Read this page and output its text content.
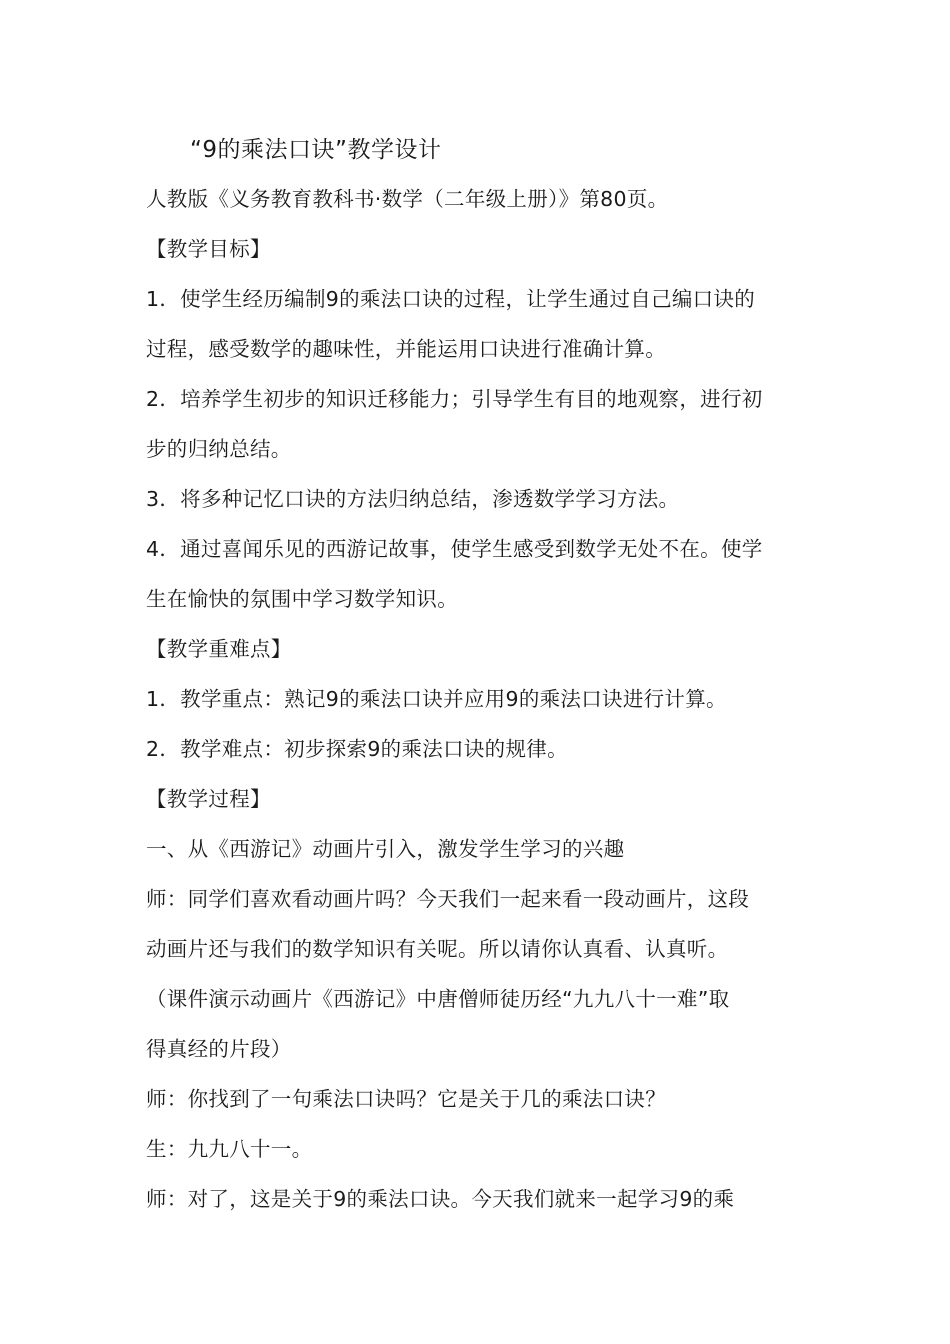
“9的乘法口诀”教学设计
人教版《义务教育教科书·数学（二年级上册）》第80页。
【教学目标】
1．使学生经历编制9的乘法口诀的过程，让学生通过自己编口诀的
过程，感受数学的趣味性，并能运用口诀进行准确计算。
2．培养学生初步的知识迁移能力；引导学生有目的地观察，进行初
步的归纳总结。
3．将多种记忆口诀的方法归纳总结，渗透数学学习方法。
4．通过喜闻乐见的西游记故事，使学生感受到数学无处不在。使学
生在愉快的氛围中学习数学知识。
【教学重难点】
1．教学重点：熟记9的乘法口诀并应用9的乘法口诀进行计算。
2．教学难点：初步探索9的乘法口诀的规律。
【教学过程】
一、从《西游记》动画片引入，激发学生学习的兴趣
师：同学们喜欢看动画片吗？今天我们一起来看一段动画片，这段
动画片还与我们的数学知识有关呢。所以请你认真看、认真听。
（课件演示动画片《西游记》中唐僧师徒历经“九九八十一难”取
得真经的片段）
师：你找到了一句乘法口诀吗？它是关于几的乘法口诀？
生：九九八十一。
师：对了，这是关于9的乘法口诀。今天我们就来一起学习9的乘
